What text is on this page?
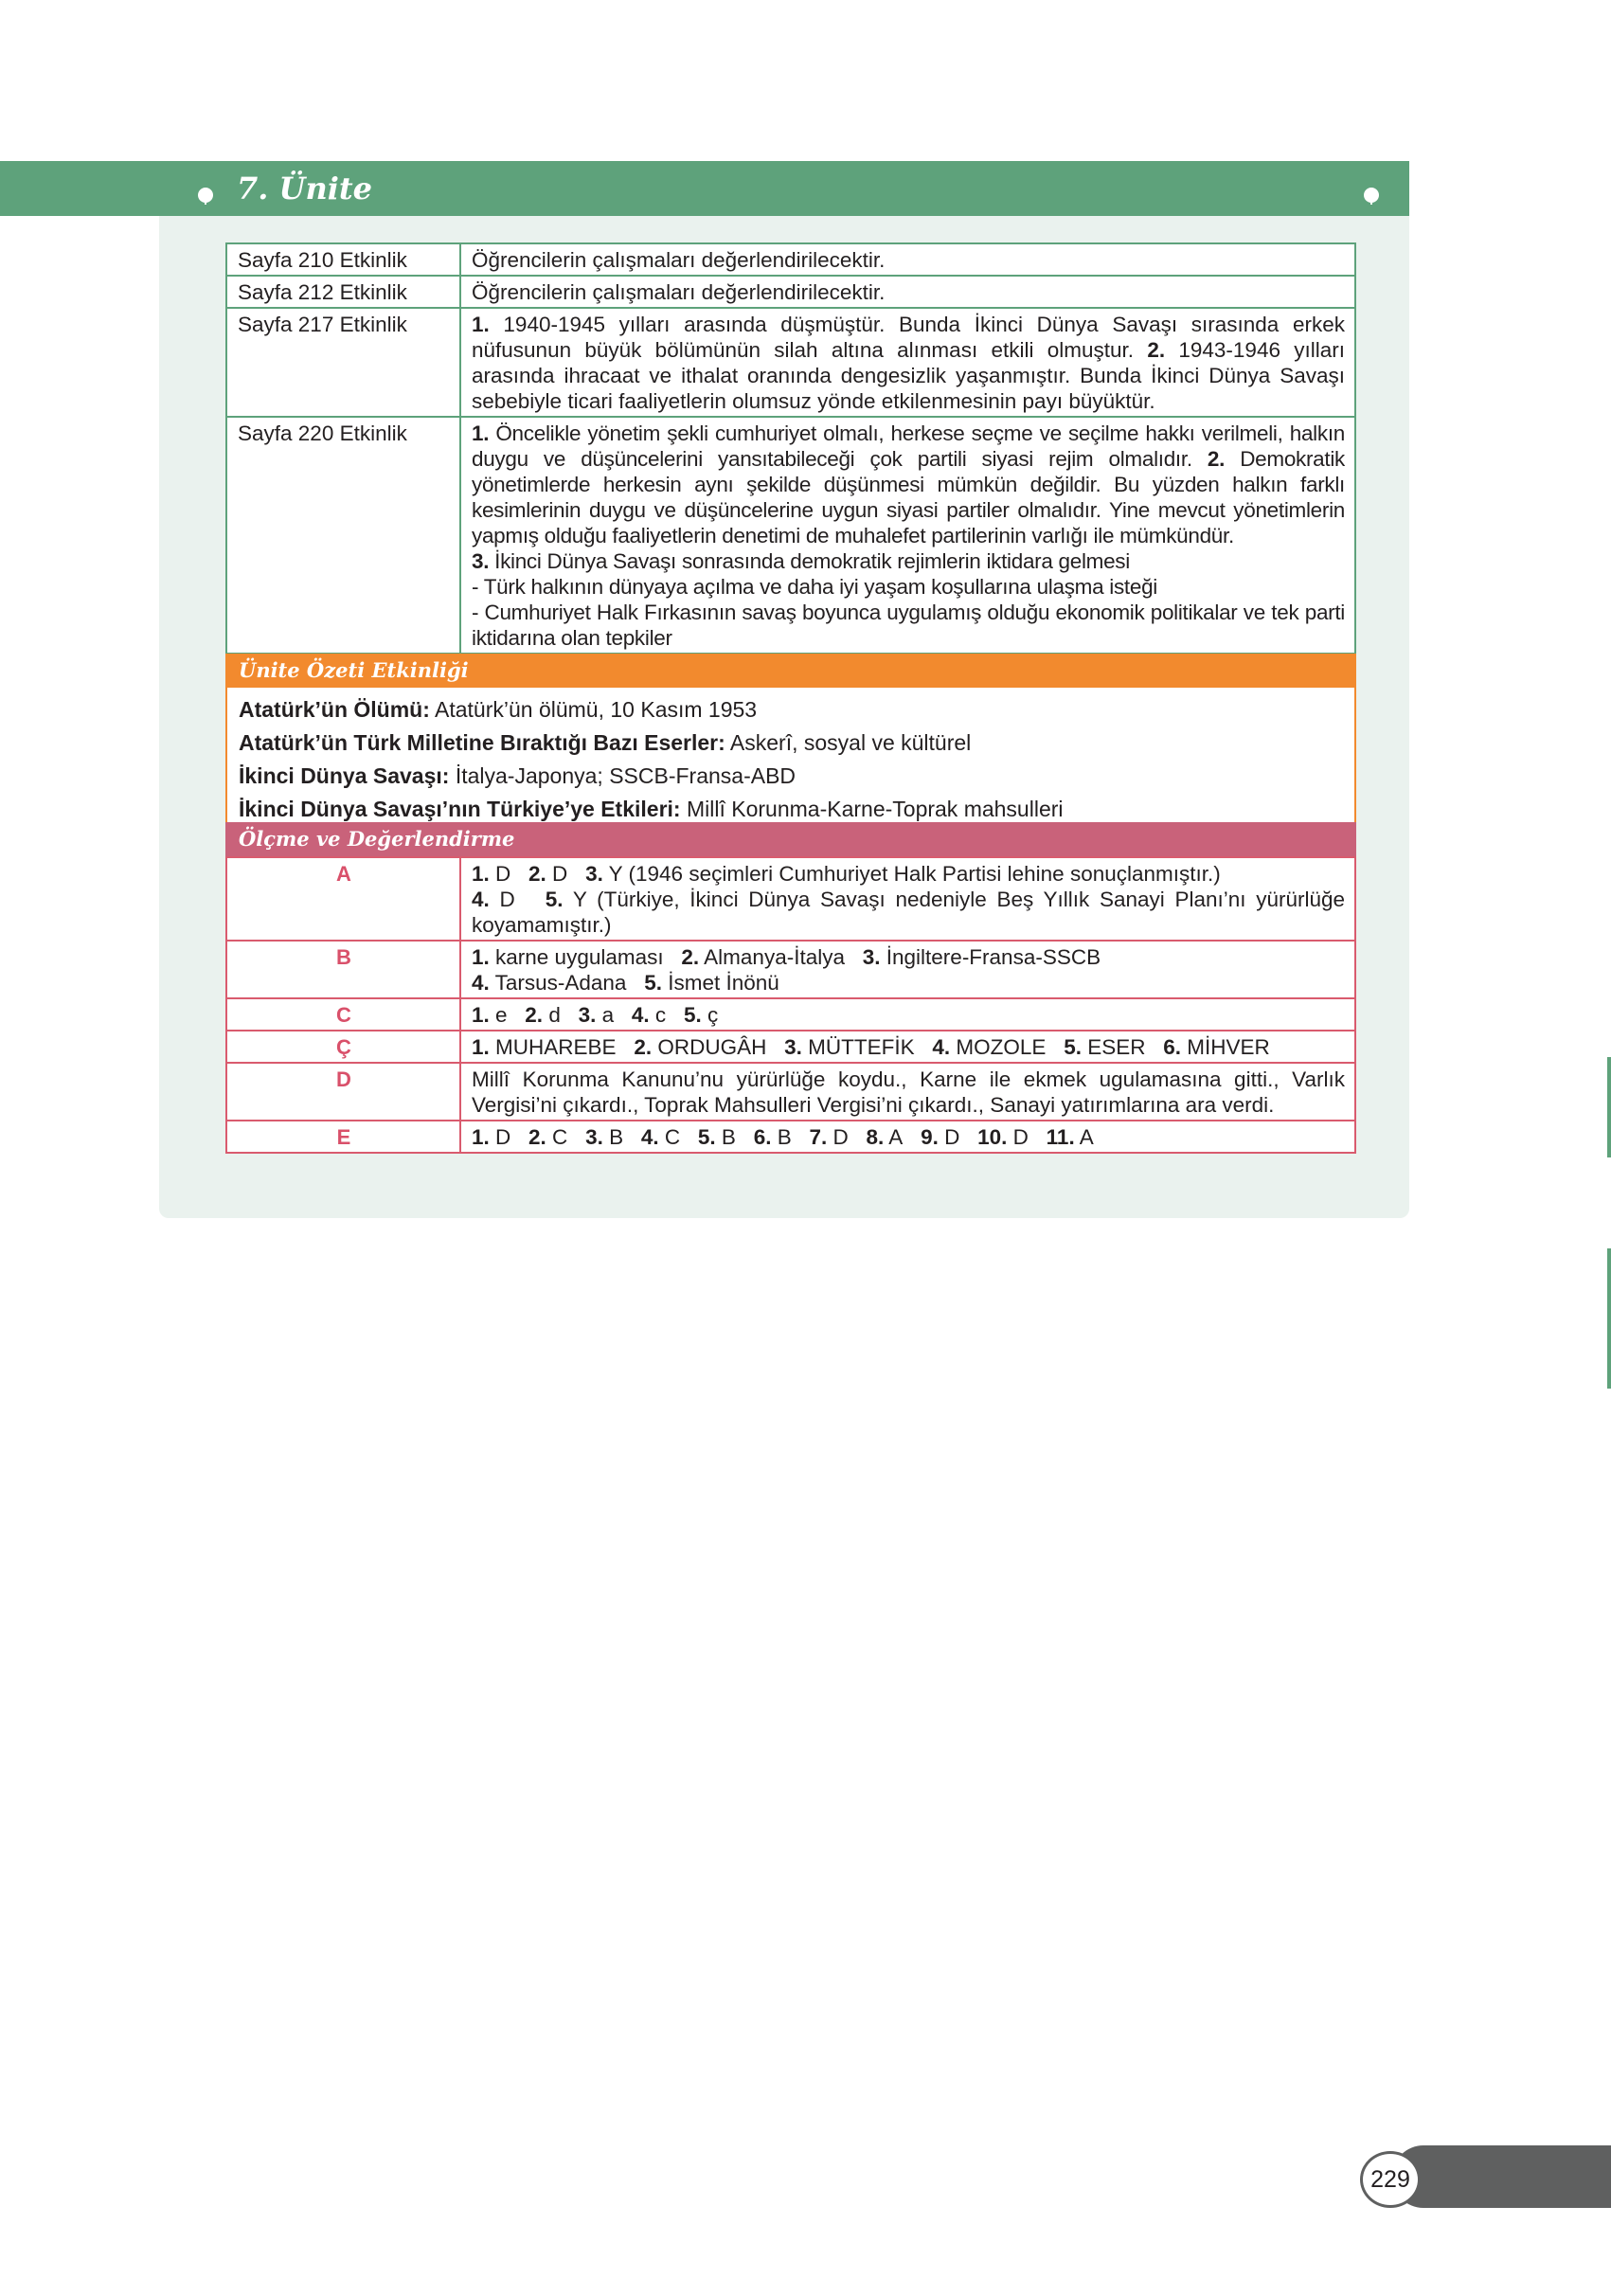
7. Ünite
Sayfa 210 Etkinlik	Öğrencilerin çalışmaları değerlendirilecektir.
Sayfa 212 Etkinlik	Öğrencilerin çalışmaları değerlendirilecektir.
Sayfa 217 Etkinlik	1. 1940-1945 yılları arasında düşmüştür. Bunda İkinci Dünya Savaşı sırasında erkek nüfusunun büyük bölümünün silah altına alınması etkili olmuştur. 2. 1943-1946 yılları arasında ihracaat ve ithalat oranında dengesizlik yaşanmıştır. Bunda İkinci Dünya Savaşı sebebiyle ticari faaliyetlerin olumsuz yönde etkilenmesinin payı büyüktür.
Sayfa 220 Etkinlik	1. Öncelikle yönetim şekli cumhuriyet olmalı, herkese seçme ve seçilme hakkı verilmeli, halkın duygu ve düşüncelerini yansıtabileceği çok partili siyasi rejim olmalıdır. 2. Demokratik yönetimlerde herkesin aynı şekilde düşünmesi mümkün değildir. Bu yüzden halkın farklı kesimlerinin duygu ve düşüncelerine uygun siyasi partiler olmalıdır. Yine mevcut yönetimlerin yapmış olduğu faaliyetlerin denetimi de muhalefet partilerinin varlığı ile mümkündür.
3. İkinci Dünya Savaşı sonrasında demokratik rejimlerin iktidara gelmesi
- Türk halkının dünyaya açılma ve daha iyi yaşam koşullarına ulaşma isteği
- Cumhuriyet Halk Fırkasının savaş boyunca uygulamış olduğu ekonomik politikalar ve tek parti iktidarına olan tepkiler
Ünite Özeti Etkinliği
Atatürk’ün Ölümü: Atatürk’ün ölümü, 10 Kasım 1953
Atatürk’ün Türk Milletine Bıraktığı Bazı Eserler: Askerî, sosyal ve kültürel
İkinci Dünya Savaşı: İtalya-Japonya; SSCB-Fransa-ABD
İkinci Dünya Savaşı’nın Türkiye’ye Etkileri: Millî Korunma-Karne-Toprak mahsulleri
Ölçme ve Değerlendirme
A	1. D 2. D 3. Y (1946 seçimleri Cumhuriyet Halk Partisi lehine sonuçlanmıştır.)
4. D 5. Y (Türkiye, İkinci Dünya Savaşı nedeniyle Beş Yıllık Sanayi Planı’nı yürürlüğe koyamamıştır.)
B	1. karne uygulaması 2. Almanya-İtalya 3. İngiltere-Fransa-SSCB
4. Tarsus-Adana 5. İsmet İnönü
C	1. e 2. d 3. a 4. c 5. ç
Ç	1. MUHAREBE 2. ORDUGÂH 3. MÜTTEFİK 4. MOZOLE 5. ESER 6. MİHVER
D	Millî Korunma Kanunu’nu yürürlüğe koydu., Karne ile ekmek ugulamasına gitti., Varlık Vergisi’ni çıkardı., Toprak Mahsulleri Vergisi’ni çıkardı., Sanayi yatırımlarına ara verdi.
E	1. D 2. C 3. B 4. C 5. B 6. B 7. D 8. A 9. D 10. D 11. A
229
